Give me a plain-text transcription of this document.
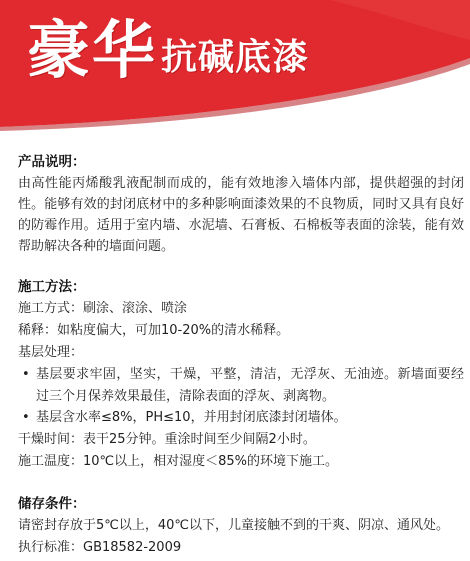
豪华 抗碱底漆
产品说明：
由高性能丙烯酸乳液配制而成的，能有效地渗入墙体内部，提供超强的封闭性。能够有效的封闭底材中的多种影响面漆效果的不良物质，同时又具有良好的防霉作用。适用于室内墙、水泥墙、石膏板、石棉板等表面的涂装，能有效帮助解决各种的墙面问题。
施工方法：
施工方式：刷涂、滚涂、喷涂
稀释：如粘度偏大，可加10-20%的清水稀释。
基层处理：
• 基层要求牢固，坚实，干燥，平整，清洁，无浮灰、无油迹。新墙面要经过三个月保养效果最佳，清除表面的浮灰、剥离物。
• 基层含水率≤8%，PH≤10，并用封闭底漆封闭墙体。
干燥时间：表干25分钟。重涂时间至少间隔2小时。
施工温度：10℃以上，相对湿度＜85%的环境下施工。
储存条件：
请密封存放于5℃以上，40℃以下，儿童接触不到的干爽、阴凉、通风处。
执行标准：GB18582-2009
